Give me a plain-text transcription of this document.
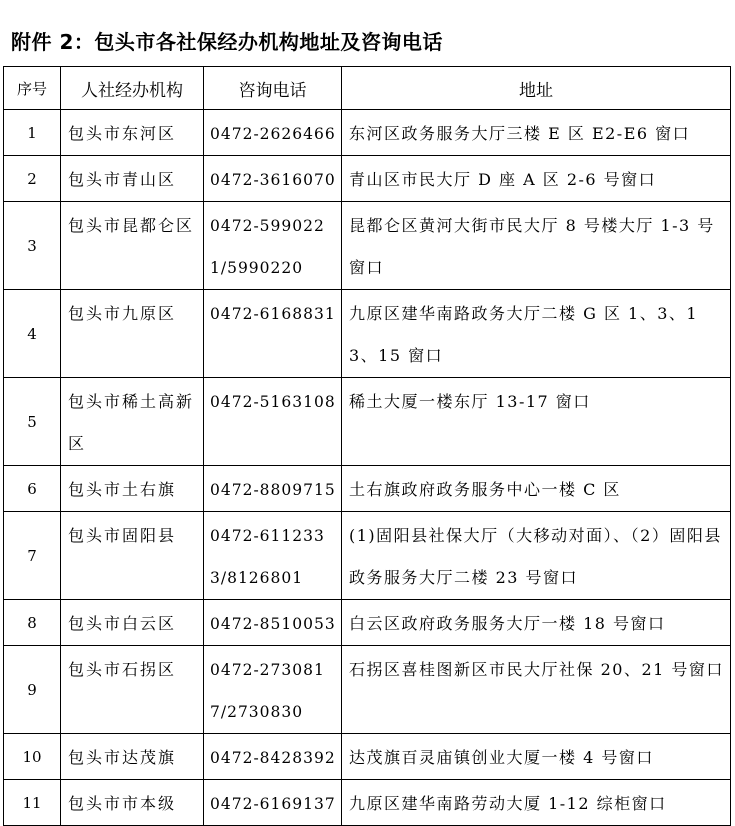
附件 2：包头市各社保经办机构地址及咨询电话
序号	人社经办机构	咨询电话	地址
1	包头市东河区	0472-2626466	东河区政务服务大厅三楼 E 区 E2-E6 窗口

2	包头市青山区	0472-3616070	青山区市民大厅 D 座 A 区 2-6 号窗口

3	包头市昆都仑区	0472-5990221/5990220	昆都仑区黄河大街市民大厅 8 号楼大厅 1-3 号窗口

4	包头市九原区	0472-6168831	九原区建华南路政务大厅二楼 G 区 1、3、13、15 窗口

5	包头市稀土高新区	0472-5163108	稀土大厦一楼东厅 13-17 窗口

6	包头市土右旗	0472-8809715	土右旗政府政务服务中心一楼 C 区

7	包头市固阳县	0472-6112333/8126801	(1)固阳县社保大厅（大移动对面）、（2）固阳县政务服务大厅二楼 23 号窗口

8	包头市白云区	0472-8510053	白云区政府政务服务大厅一楼 18 号窗口

9	包头市石拐区	0472-2730817/2730830	石拐区喜桂图新区市民大厅社保 20、21 号窗口

10	包头市达茂旗	0472-8428392	达茂旗百灵庙镇创业大厦一楼 4 号窗口

11	包头市市本级	0472-6169137	九原区建华南路劳动大厦 1-12 综柜窗口
